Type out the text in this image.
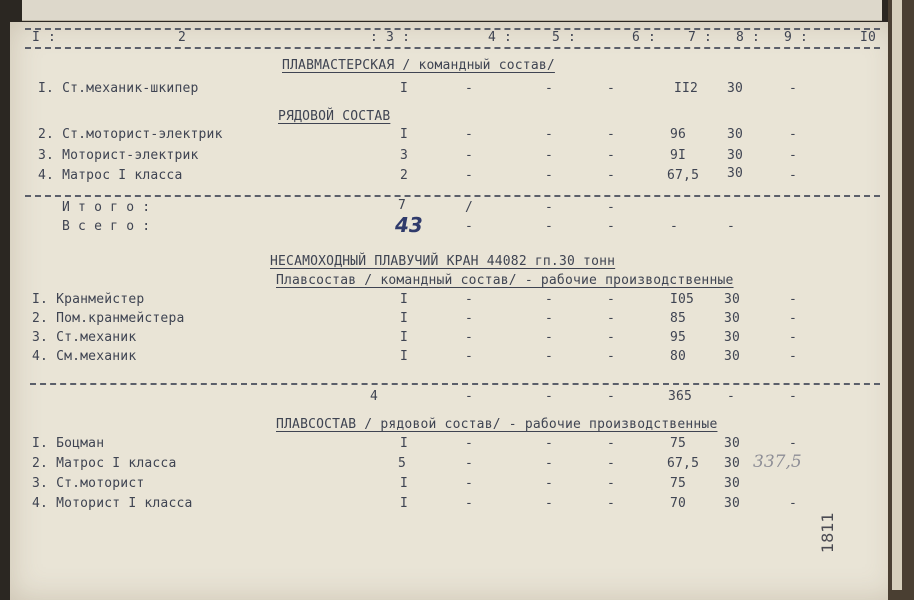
I :	2	: 3 :	4 :	5 :	6 : 7 : 8 : 9 :	I0
ПЛАВМАСТЕРСКАЯ / командный состав/
I. Ст.механик-шкипер	I	-	-	-	II2 30	-
РЯДОВОЙ СОСТАВ
2. Ст.моторист-электрик	I	-	-	-	96	30	-
3. Моторист-электрик	3	-	-	-	9I	30	-
4. Матрос I класса	2	-	-	-	67,5 30	-
И т о г о :	7	/	-	-
В с е г о :	43	-	-	-	-	-
НЕСАМОХОДНЫЙ ПЛАВУЧИЙ КРАН 44082 гп.30 тонн
Плавсостав / командный состав/ - рабочие производственные
I. Кранмейстер	I	-	-	-	I05 30	-
2. Пом.кранмейстера	I	-	-	-	85	30	-
3. Ст.механик	I	-	-	-	95	30	-
4. См.механик	I	-	-	-	80	30	-
4	-	-	-	365	-	-
ПЛАВСОСТАВ / рядовой состав/ - рабочие производственные
I. Боцман	I	-	-	-	75	30	-
2. Матрос I класса	5	-	-	-	67,5 30 337,5
3. Ст.моторист	I	-	-	-	75	30
4. Моторист I класса	I	-	-	-	70	30	-
1811
